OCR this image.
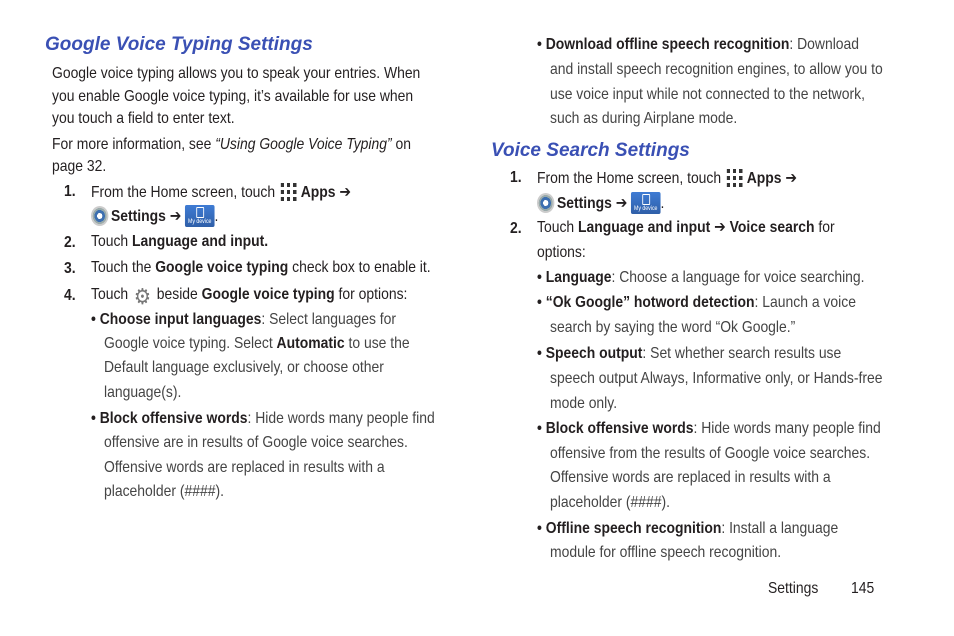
Google Voice Typing Settings

Google voice typing allows you to speak your entries. When

you enable Google voice typing, it’s available for use when

you touch a field to enter text.

For more information, see “Using Google Voice Typing” on

page 32.

1. From the Home screen, touch Apps ➔

Settings ➔	My device .

2. Touch Language and input.

3. Touch the Google voice typing check box to enable it.

4. Touch ⚙ beside Google voice typing for options:

• Choose input languages: Select languages for

Google voice typing. Select Automatic to use the

Default language exclusively, or choose other

language(s).

• Block offensive words: Hide words many people find

offensive are in results of Google voice searches.

Offensive words are replaced in results with a

placeholder (####).

• Download offline speech recognition: Download

and install speech recognition engines, to allow you to

use voice input while not connected to the network,

such as during Airplane mode.

Voice Search Settings
1. From the Home screen, touch Apps ➔

Settings ➔	My device .

2. Touch Language and input ➔ Voice search for

options:

• Language: Choose a language for voice searching.

• “Ok Google” hotword detection: Launch a voice

search by saying the word “Ok Google.”

• Speech output: Set whether search results use

speech output Always, Informative only, or Hands-free

mode only.

• Block offensive words: Hide words many people find

offensive from the results of Google voice searches.

Offensive words are replaced in results with a

placeholder (####).

• Offline speech recognition: Install a language

module for offline speech recognition.

Settings 145
